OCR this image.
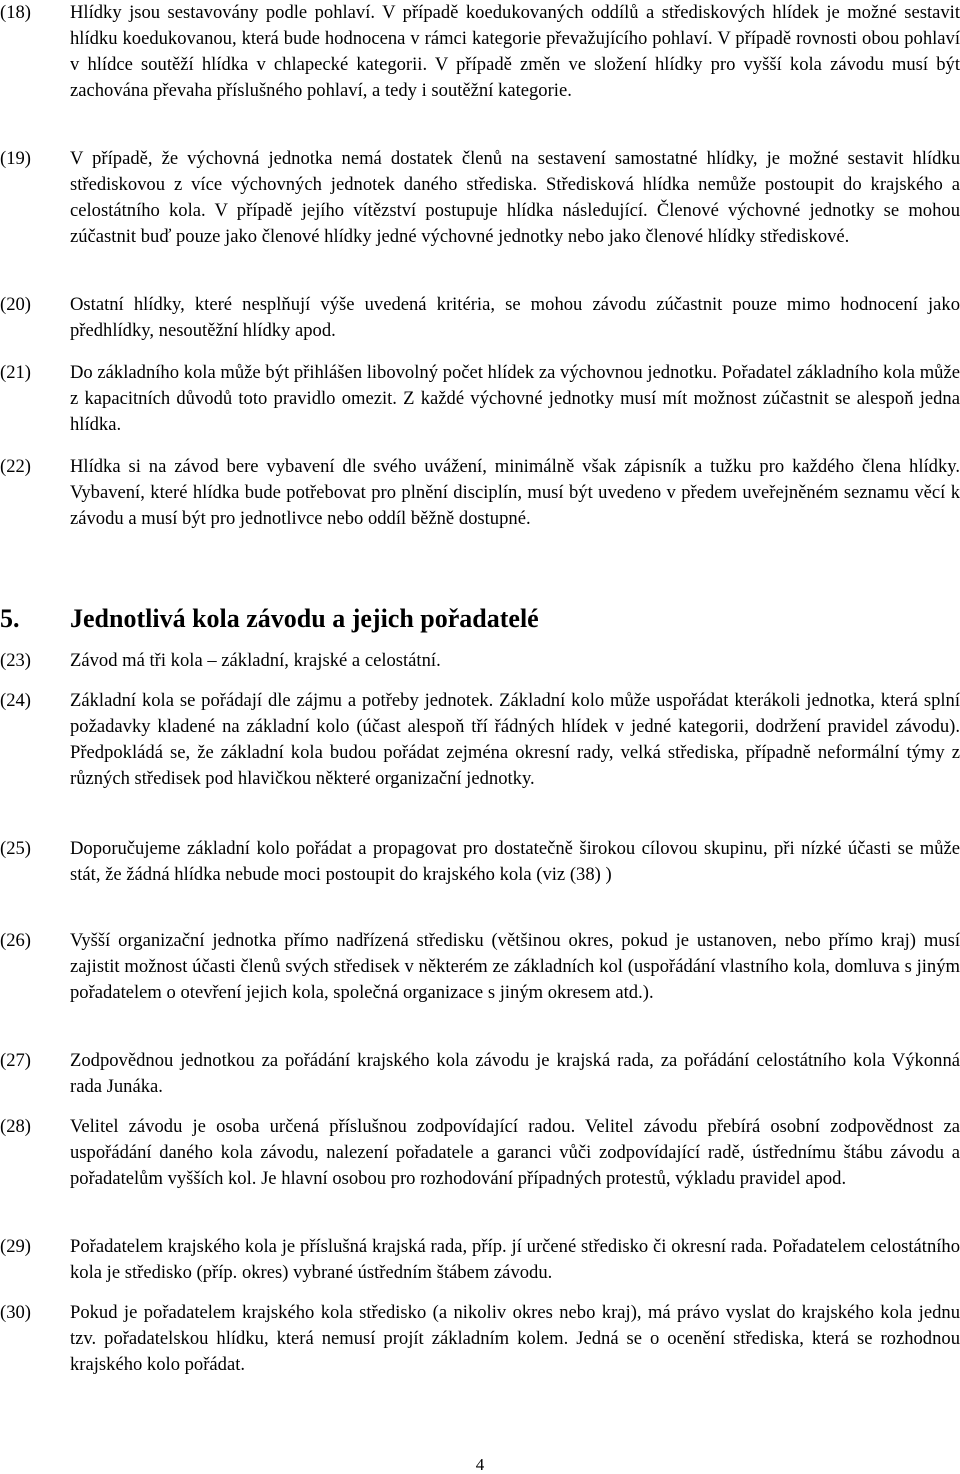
(18)	Hlídky jsou sestavovány podle pohlaví. V případě koedukovaných oddílů a střediskových hlídek je možné sestavit hlídku koedukovanou, která bude hodnocena v rámci kategorie převažujícího pohlaví. V případě rovnosti obou pohlaví v hlídce soutěží hlídka v chlapecké kategorii. V případě změn ve složení hlídky pro vyšší kola závodu musí být zachována převaha příslušného pohlaví, a tedy i soutěžní kategorie.
(19)	V případě, že výchovná jednotka nemá dostatek členů na sestavení samostatné hlídky, je možné sestavit hlídku střediskovou z více výchovných jednotek daného střediska. Středisková hlídka nemůže postoupit do krajského a celostátního kola. V případě jejího vítězství postupuje hlídka následující. Členové výchovné jednotky se mohou zúčastnit buď pouze jako členové hlídky jedné výchovné jednotky nebo jako členové hlídky střediskové.
(20)	Ostatní hlídky, které nesplňují výše uvedená kritéria, se mohou závodu zúčastnit pouze mimo hodnocení jako předhlídky, nesoutěžní hlídky apod.
(21)	Do základního kola může být přihlášen libovolný počet hlídek za výchovnou jednotku. Pořadatel základního kola může z kapacitních důvodů toto pravidlo omezit. Z každé výchovné jednotky musí mít možnost zúčastnit se alespoň jedna hlídka.
(22)	Hlídka si na závod bere vybavení dle svého uvážení, minimálně však zápisník a tužku pro každého člena hlídky. Vybavení, které hlídka bude potřebovat pro plnění disciplín, musí být uvedeno v předem uveřejněném seznamu věcí k závodu a musí být pro jednotlivce nebo oddíl běžně dostupné.
5. Jednotlivá kola závodu a jejich pořadatelé
(23)	Závod má tři kola – základní, krajské a celostátní.
(24)	Základní kola se pořádají dle zájmu a potřeby jednotek. Základní kolo může uspořádat kterákoli jednotka, která splní požadavky kladené na základní kolo (účast alespoň tří řádných hlídek v jedné kategorii, dodržení pravidel závodu). Předpokládá se, že základní kola budou pořádat zejména okresní rady, velká střediska, případně neformální týmy z různých středisek pod hlavičkou některé organizační jednotky.
(25)	Doporučujeme základní kolo pořádat a propagovat pro dostatečně širokou cílovou skupinu, při nízké účasti se může stát, že žádná hlídka nebude moci postoupit do krajského kola (viz (38) )
(26)	Vyšší organizační jednotka přímo nadřízená středisku (většinou okres, pokud je ustanoven, nebo přímo kraj) musí zajistit možnost účasti členů svých středisek v některém ze základních kol (uspořádání vlastního kola, domluva s jiným pořadatelem o otevření jejich kola, společná organizace s jiným okresem atd.).
(27)	Zodpovědnou jednotkou za pořádání krajského kola závodu je krajská rada, za pořádání celostátního kola Výkonná rada Junáka.
(28)	Velitel závodu je osoba určená příslušnou zodpovídající radou. Velitel závodu přebírá osobní zodpovědnost za uspořádání daného kola závodu, nalezení pořadatele a garanci vůči zodpovídající radě, ústřednímu štábu závodu a pořadatelům vyšších kol. Je hlavní osobou pro rozhodování případných protestů, výkladu pravidel apod.
(29)	Pořadatelem krajského kola je příslušná krajská rada, příp. jí určené středisko či okresní rada. Pořadatelem celostátního kola je středisko (příp. okres) vybrané ústředním štábem závodu.
(30)	Pokud je pořadatelem krajského kola středisko (a nikoliv okres nebo kraj), má právo vyslat do krajského kola jednu tzv. pořadatelskou hlídku, která nemusí projít základním kolem. Jedná se o ocenění střediska, která se rozhodnou krajského kolo pořádat.
4
